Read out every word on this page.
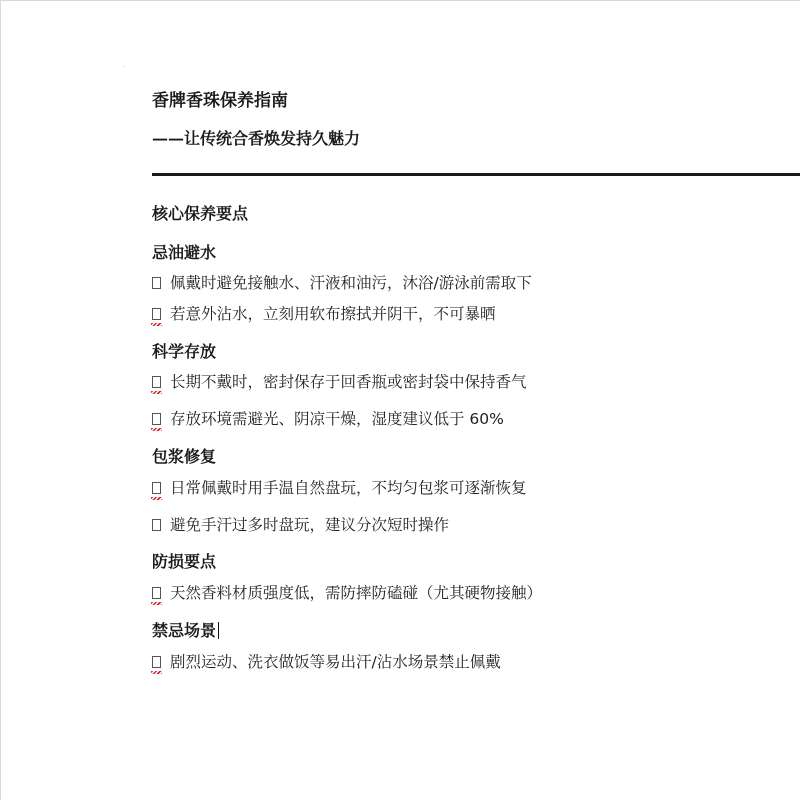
香牌香珠保养指南
——让传统合香焕发持久魅力
核心保养要点
忌油避水
佩戴时避免接触水、汗液和油污，沐浴/游泳前需取下
若意外沾水，立刻用软布擦拭并阴干，不可暴晒
科学存放
长期不戴时，密封保存于回香瓶或密封袋中保持香气
存放环境需避光、阴凉干燥，湿度建议低于 60%
包浆修复
日常佩戴时用手温自然盘玩，不均匀包浆可逐渐恢复
避免手汗过多时盘玩，建议分次短时操作
防损要点
天然香料材质强度低，需防摔防磕碰（尤其硬物接触）
禁忌场景
剧烈运动、洗衣做饭等易出汗/沾水场景禁止佩戴
